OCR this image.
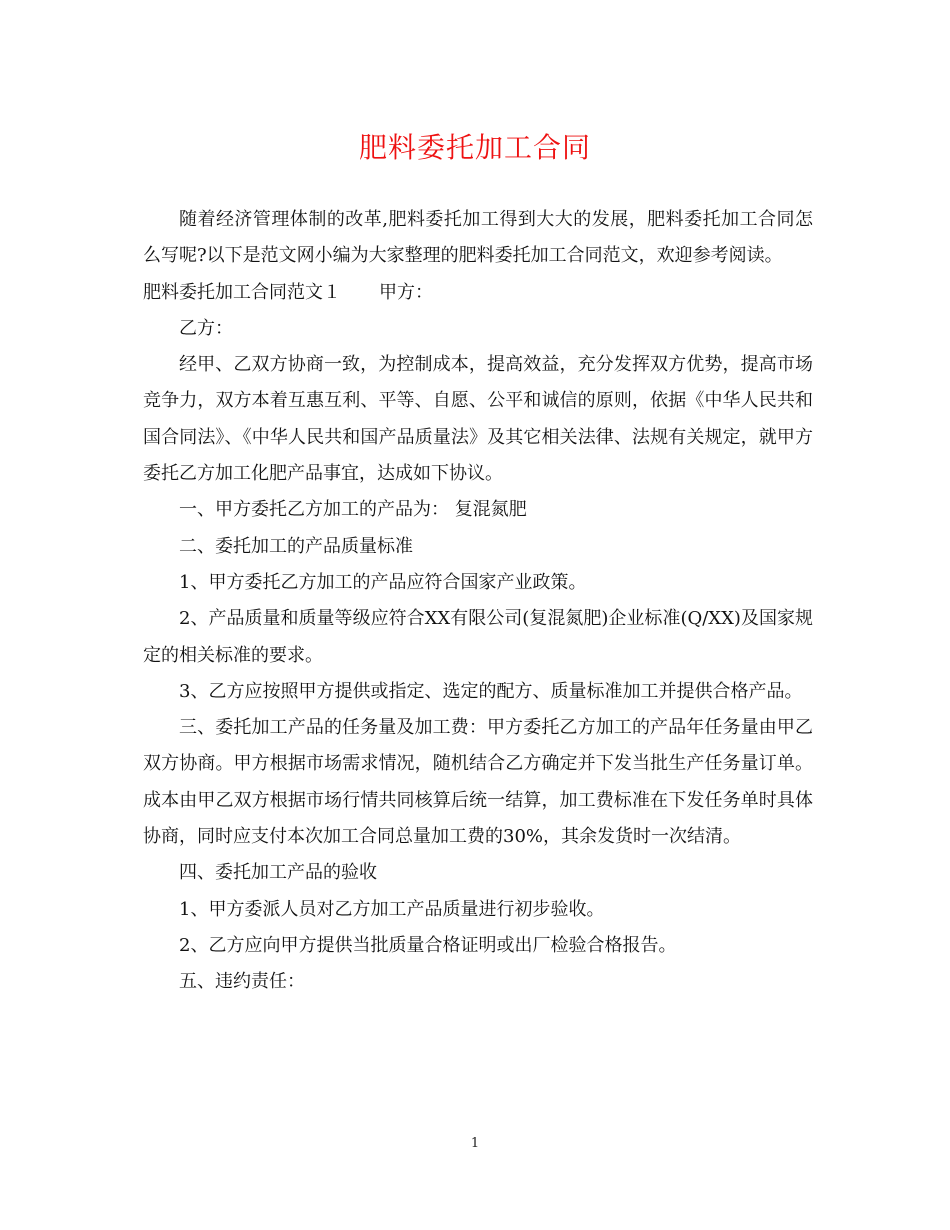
肥料委托加工合同

随着经济管理体制的改革,肥料委托加工得到大大的发展，肥料委托加工合同怎么写呢?以下是范文网小编为大家整理的肥料委托加工合同范文，欢迎参考阅读。

肥料委托加工合同范文１ 甲方：

乙方：

经甲、乙双方协商一致，为控制成本，提高效益，充分发挥双方优势，提高市场竞争力，双方本着互惠互利、平等、自愿、公平和诚信的原则，依据《中华人民共和国合同法》、《中华人民共和国产品质量法》及其它相关法律、法规有关规定，就甲方委托乙方加工化肥产品事宜，达成如下协议。

一、甲方委托乙方加工的产品为： 复混氮肥

二、委托加工的产品质量标准

1、甲方委托乙方加工的产品应符合国家产业政策。

2、产品质量和质量等级应符合XX有限公司(复混氮肥)企业标准(Q/XX)及国家规定的相关标准的要求。

3、乙方应按照甲方提供或指定、选定的配方、质量标准加工并提供合格产品。

三、委托加工产品的任务量及加工费：甲方委托乙方加工的产品年任务量由甲乙双方协商。甲方根据市场需求情况，随机结合乙方确定并下发当批生产任务量订单。成本由甲乙双方根据市场行情共同核算后统一结算，加工费标准在下发任务单时具体协商，同时应支付本次加工合同总量加工费的30%，其余发货时一次结清。

四、委托加工产品的验收

1、甲方委派人员对乙方加工产品质量进行初步验收。

2、乙方应向甲方提供当批质量合格证明或出厂检验合格报告。

五、违约责任：

1
